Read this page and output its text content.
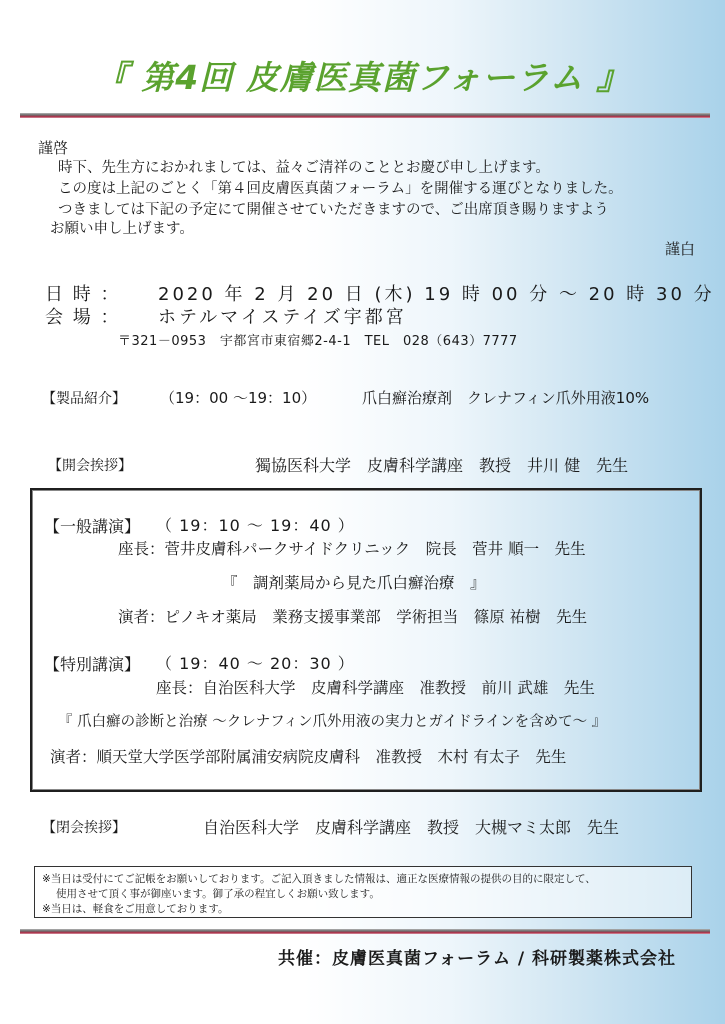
『 第4回 皮膚医真菌フォーラム 』
謹啓
時下、先生方におかれましては、益々ご清祥のこととお慶び申し上げます。
この度は上記のごとく「第４回皮膚医真菌フォーラム」を開催する運びとなりました。
つきましては下記の予定にて開催させていただきますので、ご出席頂き賜りますよう
お願い申し上げます。
謹白
日 時 ： 2020 年 2 月 20 日 (木) 19 時 00 分 ～ 20 時 30 分
会 場 ： ホテルマイステイズ宇都宮
〒321－0953　宇都宮市東宿郷2-4-1　TEL　028（643）7777
【製品紹介】 （19：00 ～19：10）	爪白癬治療剤　クレナフィン爪外用液10%
【開会挨拶】	獨協医科大学　皮膚科学講座　教授　井川 健　先生
【一般講演】 （ 19：10 ～ 19：40 ）
座長：菅井皮膚科パークサイドクリニック　院長　菅井 順一　先生
『　調剤薬局から見た爪白癬治療　』
演者：ピノキオ薬局　業務支援事業部　学術担当　篠原 祐樹　先生
【特別講演】 （ 19：40 ～ 20：30 ）
座長：自治医科大学　皮膚科学講座　准教授　前川 武雄　先生
『 爪白癬の診断と治療 ～クレナフィン爪外用液の実力とガイドラインを含めて～ 』
演者：順天堂大学医学部附属浦安病院皮膚科　准教授　木村 有太子　先生
【閉会挨拶】	自治医科大学　皮膚科学講座　教授　大槻マミ太郎　先生
※当日は受付にてご記帳をお願いしております。ご記入頂きました情報は、適正な医療情報の提供の目的に限定して、
使用させて頂く事が御座います。御了承の程宜しくお願い致します。
※当日は、軽食をご用意しております。
共催：皮膚医真菌フォーラム / 科研製薬株式会社
